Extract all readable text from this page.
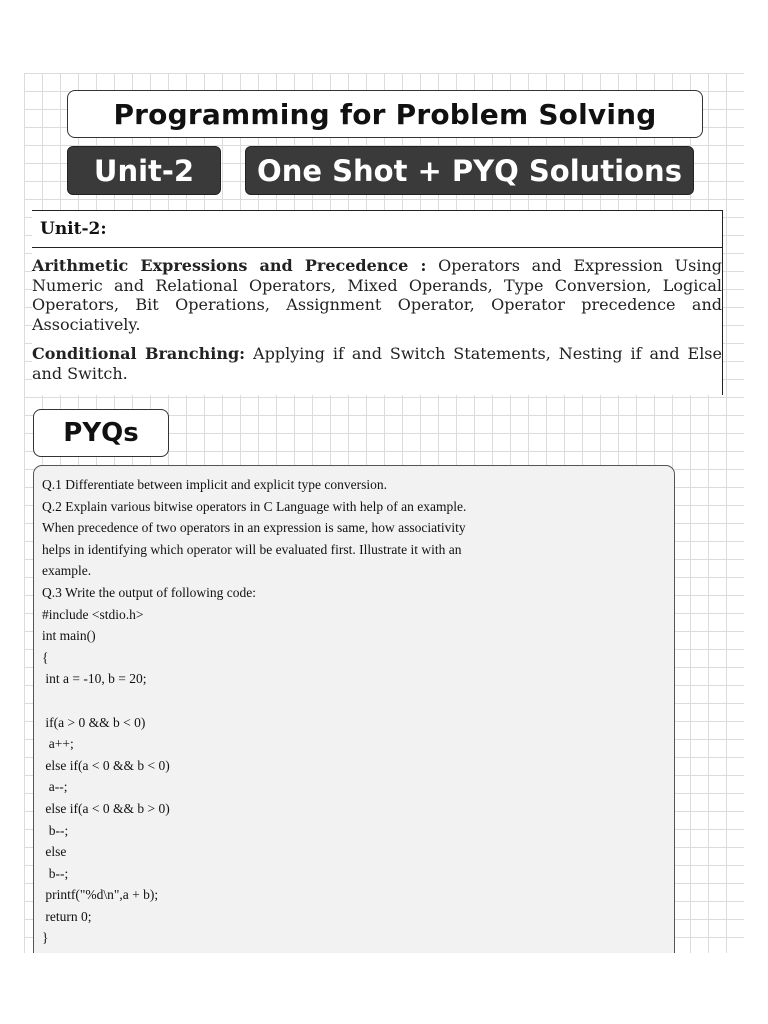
Programming for Problem Solving
Unit-2 One Shot + PYQ Solutions
Unit-2:

Arithmetic Expressions and Precedence : Operators and Expression Using Numeric and Relational Operators, Mixed Operands, Type Conversion, Logical Operators, Bit Operations, Assignment Operator, Operator precedence and Associatively.

Conditional Branching: Applying if and Switch Statements, Nesting if and Else and Switch.

PYQs
Q.1 Differentiate between implicit and explicit type conversion.
Q.2 Explain various bitwise operators in C Language with help of an example.
When precedence of two operators in an expression is same, how associativity
helps in identifying which operator will be evaluated first. Illustrate it with an
example.
Q.3 Write the output of following code:
#include <stdio.h>
int main()
{
int a = -10, b = 20;
if(a > 0 && b < 0)
a++;
else if(a < 0 && b < 0)
a--;
else if(a < 0 && b > 0)
b--;
else
b--;
printf("%d\n",a + b);
return 0;
}
